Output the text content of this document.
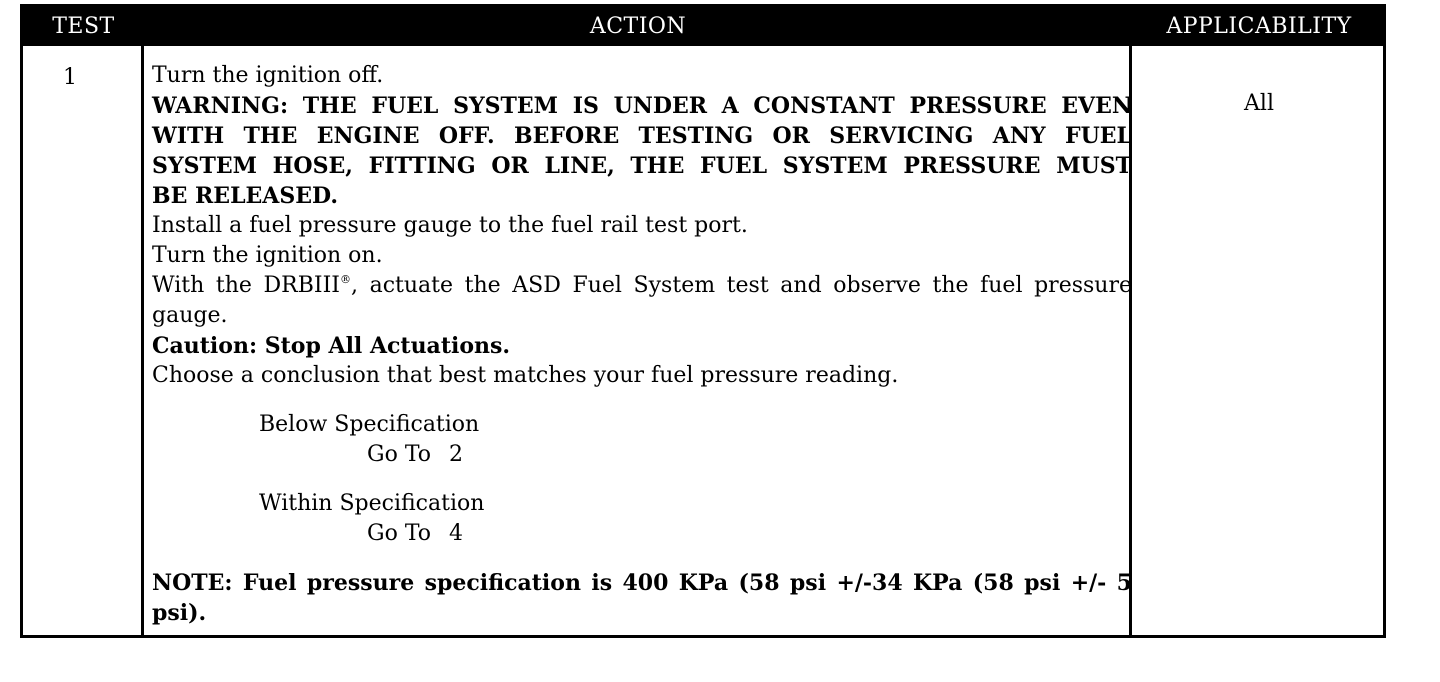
TEST	ACTION	APPLICABILITY
1
All
Turn the ignition off.
WARNING: THE FUEL SYSTEM IS UNDER A CONSTANT PRESSURE EVEN
WITH THE ENGINE OFF. BEFORE TESTING OR SERVICING ANY FUEL
SYSTEM HOSE, FITTING OR LINE, THE FUEL SYSTEM PRESSURE MUST
BE RELEASED.
Install a fuel pressure gauge to the fuel rail test port.
Turn the ignition on.
With the DRBIII®, actuate the ASD Fuel System test and observe the fuel pressure
gauge.
Caution: Stop All Actuations.
Choose a conclusion that best matches your fuel pressure reading.
Below Specification
Go To 2
Within Specification
Go To 4
NOTE: Fuel pressure specification is 400 KPa (58 psi +/-34 KPa (58 psi +/- 5
psi).
